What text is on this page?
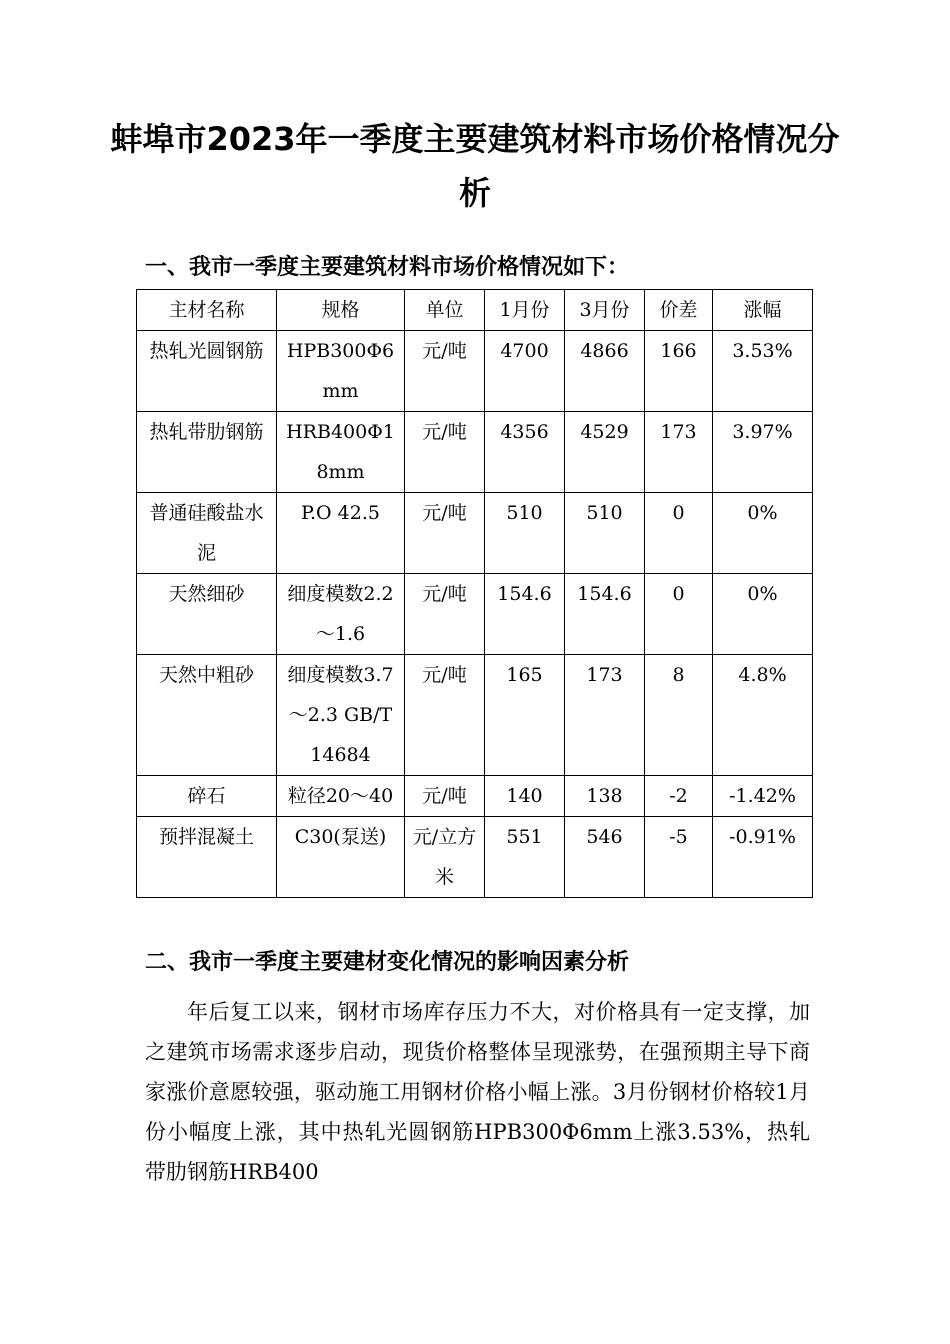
蚌埠市2023年一季度主要建筑材料市场价格情况分析
一、我市一季度主要建筑材料市场价格情况如下：
主材名称	规格	单位	1月份	3月份	价差	涨幅
热轧光圆钢筋	HPB300Φ6mm	元/吨	4700	4866	166	3.53%
热轧带肋钢筋	HRB400Φ18mm	元/吨	4356	4529	173	3.97%
普通硅酸盐水泥	P.O 42.5	元/吨	510	510	0	0%
天然细砂	细度模数2.2～1.6	元/吨	154.6	154.6	0	0%
天然中粗砂	细度模数3.7～2.3 GB/T14684	元/吨	165	173	8	4.8%
碎石	粒径20～40	元/吨	140	138	-2	-1.42%
预拌混凝土	C30(泵送)	元/立方米	551	546	-5	-0.91%
二、我市一季度主要建材变化情况的影响因素分析

年后复工以来，钢材市场库存压力不大，对价格具有一定支撑，加之建筑市场需求逐步启动，现货价格整体呈现涨势，在强预期主导下商家涨价意愿较强，驱动施工用钢材价格小幅上涨。3月份钢材价格较1月份小幅度上涨，其中热轧光圆钢筋HPB300Φ6mm上涨3.53%，热轧带肋钢筋HRB400
